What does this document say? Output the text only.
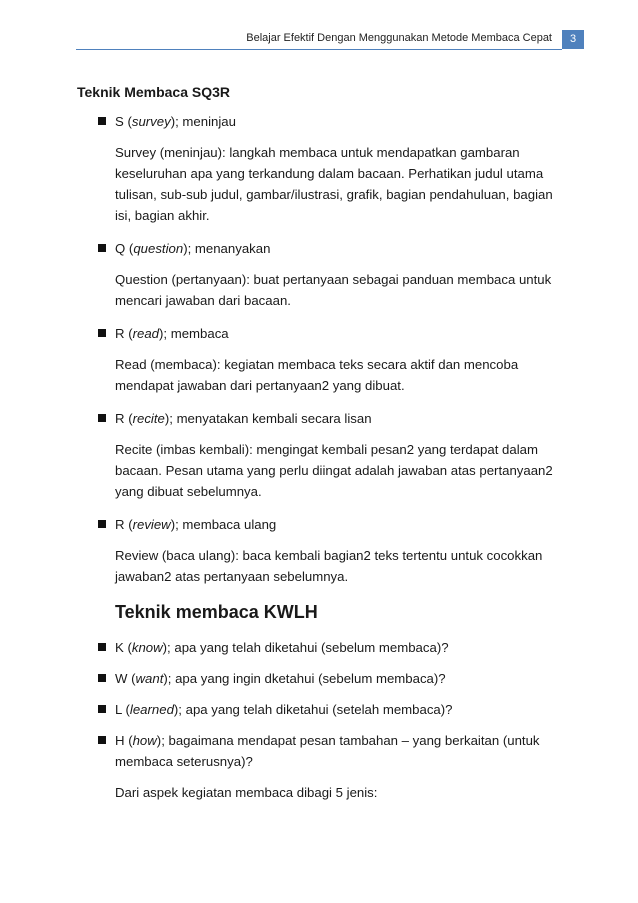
Belajar Efektif Dengan Menggunakan Metode Membaca Cepat	3
Teknik Membaca SQ3R
S (survey); meninjau
Survey (meninjau): langkah membaca untuk mendapatkan gambaran keseluruhan apa yang terkandung dalam bacaan. Perhatikan judul utama tulisan, sub-sub judul, gambar/ilustrasi, grafik, bagian pendahuluan, bagian isi, bagian akhir.
Q (question); menanyakan
Question (pertanyaan): buat pertanyaan sebagai panduan membaca untuk mencari jawaban dari bacaan.
R (read); membaca
Read (membaca): kegiatan membaca teks secara aktif dan mencoba mendapat jawaban dari pertanyaan2 yang dibuat.
R (recite); menyatakan kembali secara lisan
Recite (imbas kembali): mengingat kembali pesan2 yang terdapat dalam bacaan. Pesan utama yang perlu diingat adalah jawaban atas pertanyaan2 yang dibuat sebelumnya.
R (review); membaca ulang
Review (baca ulang): baca kembali bagian2 teks tertentu untuk cocokkan jawaban2 atas pertanyaan sebelumnya.
Teknik membaca KWLH
K (know); apa yang telah diketahui (sebelum membaca)?
W (want); apa yang ingin dketahui (sebelum membaca)?
L (learned); apa yang telah diketahui (setelah membaca)?
H (how); bagaimana mendapat pesan tambahan – yang berkaitan (untuk membaca seterusnya)?
Dari aspek kegiatan membaca dibagi 5 jenis:
